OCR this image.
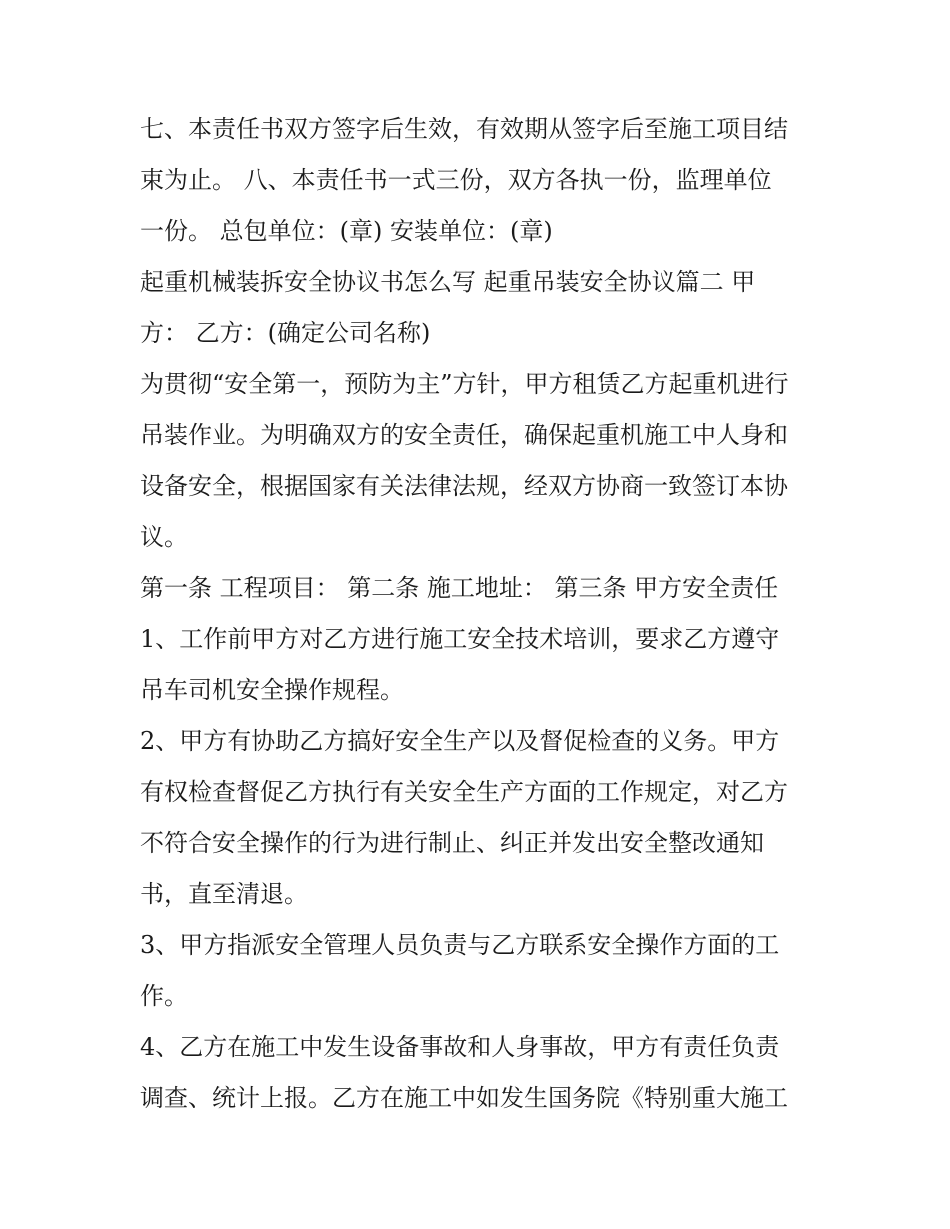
七、本责任书双方签字后生效，有效期从签字后至施工项目结
束为止。 八、本责任书一式三份，双方各执一份，监理单位
一份。 总包单位：(章) 安装单位：(章)
起重机械装拆安全协议书怎么写 起重吊装安全协议篇二 甲
方： 乙方：(确定公司名称)
为贯彻“安全第一，预防为主”方针，甲方租赁乙方起重机进行
吊装作业。为明确双方的安全责任，确保起重机施工中人身和
设备安全，根据国家有关法律法规，经双方协商一致签订本协
议。
第一条 工程项目： 第二条 施工地址： 第三条 甲方安全责任
1、工作前甲方对乙方进行施工安全技术培训，要求乙方遵守
吊车司机安全操作规程。
2、甲方有协助乙方搞好安全生产以及督促检查的义务。甲方
有权检查督促乙方执行有关安全生产方面的工作规定，对乙方
不符合安全操作的行为进行制止、纠正并发出安全整改通知
书，直至清退。
3、甲方指派安全管理人员负责与乙方联系安全操作方面的工
作。
4、乙方在施工中发生设备事故和人身事故，甲方有责任负责
调查、统计上报。乙方在施工中如发生国务院《特别重大施工
